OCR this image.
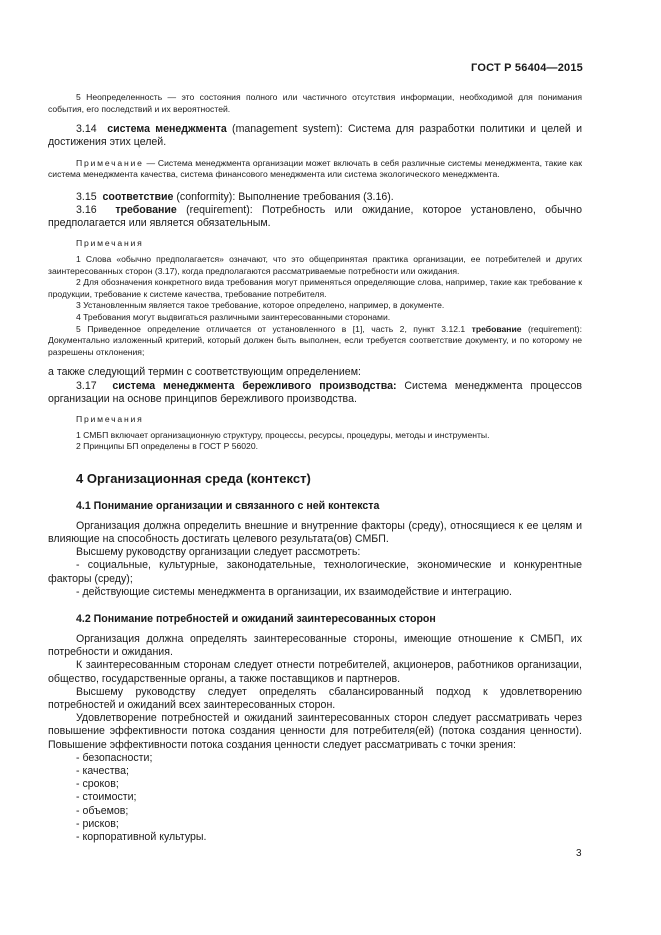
ГОСТ Р 56404—2015

5 Неопределенность — это состояния полного или частичного отсутствия информации, необходимой для понимания события, его последствий и их вероятностей.

3.14 система менеджмента (management system): Система для разработки политики и целей и достижения этих целей.

Примечание — Система менеджмента организации может включать в себя различные системы менеджмента, такие как система менеджмента качества, система финансового менеджмента или система экологического менеджмента.

3.15 соответствие (conformity): Выполнение требования (3.16).

3.16 требование (requirement): Потребность или ожидание, которое установлено, обычно предполагается или является обязательным.

Примечания

1 Слова «обычно предполагается» означают, что это общепринятая практика организации, ее потребителей и других заинтересованных сторон (3.17), когда предполагаются рассматриваемые потребности или ожидания.

2 Для обозначения конкретного вида требования могут применяться определяющие слова, например, такие как требование к продукции, требование к системе качества, требование потребителя.

3 Установленным является такое требование, которое определено, например, в документе.

4 Требования могут выдвигаться различными заинтересованными сторонами.

5 Приведенное определение отличается от установленного в [1], часть 2, пункт 3.12.1 требование (requirement): Документально изложенный критерий, который должен быть выполнен, если требуется соответствие документу, и по которому не разрешены отклонения;

а также следующий термин с соответствующим определением:

3.17 система менеджмента бережливого производства: Система менеджмента процессов организации на основе принципов бережливого производства.

Примечания

1 СМБП включает организационную структуру, процессы, ресурсы, процедуры, методы и инструменты.

2 Принципы БП определены в ГОСТ Р 56020.

4 Организационная среда (контекст)

4.1 Понимание организации и связанного с ней контекста

Организация должна определить внешние и внутренние факторы (среду), относящиеся к ее целям и влияющие на способность достигать целевого результата(ов) СМБП.

Высшему руководству организации следует рассмотреть:

- социальные, культурные, законодательные, технологические, экономические и конкурентные факторы (среду);

- действующие системы менеджмента в организации, их взаимодействие и интеграцию.

4.2 Понимание потребностей и ожиданий заинтересованных сторон

Организация должна определять заинтересованные стороны, имеющие отношение к СМБП, их потребности и ожидания.

К заинтересованным сторонам следует отнести потребителей, акционеров, работников организации, общество, государственные органы, а также поставщиков и партнеров.

Высшему руководству следует определять сбалансированный подход к удовлетворению потребностей и ожиданий всех заинтересованных сторон.

Удовлетворение потребностей и ожиданий заинтересованных сторон следует рассматривать через повышение эффективности потока создания ценности для потребителя(ей) (потока создания ценности). Повышение эффективности потока создания ценности следует рассматривать с точки зрения:

- безопасности;

- качества;

- сроков;

- стоимости;

- объемов;

- рисков;

- корпоративной культуры.

3
